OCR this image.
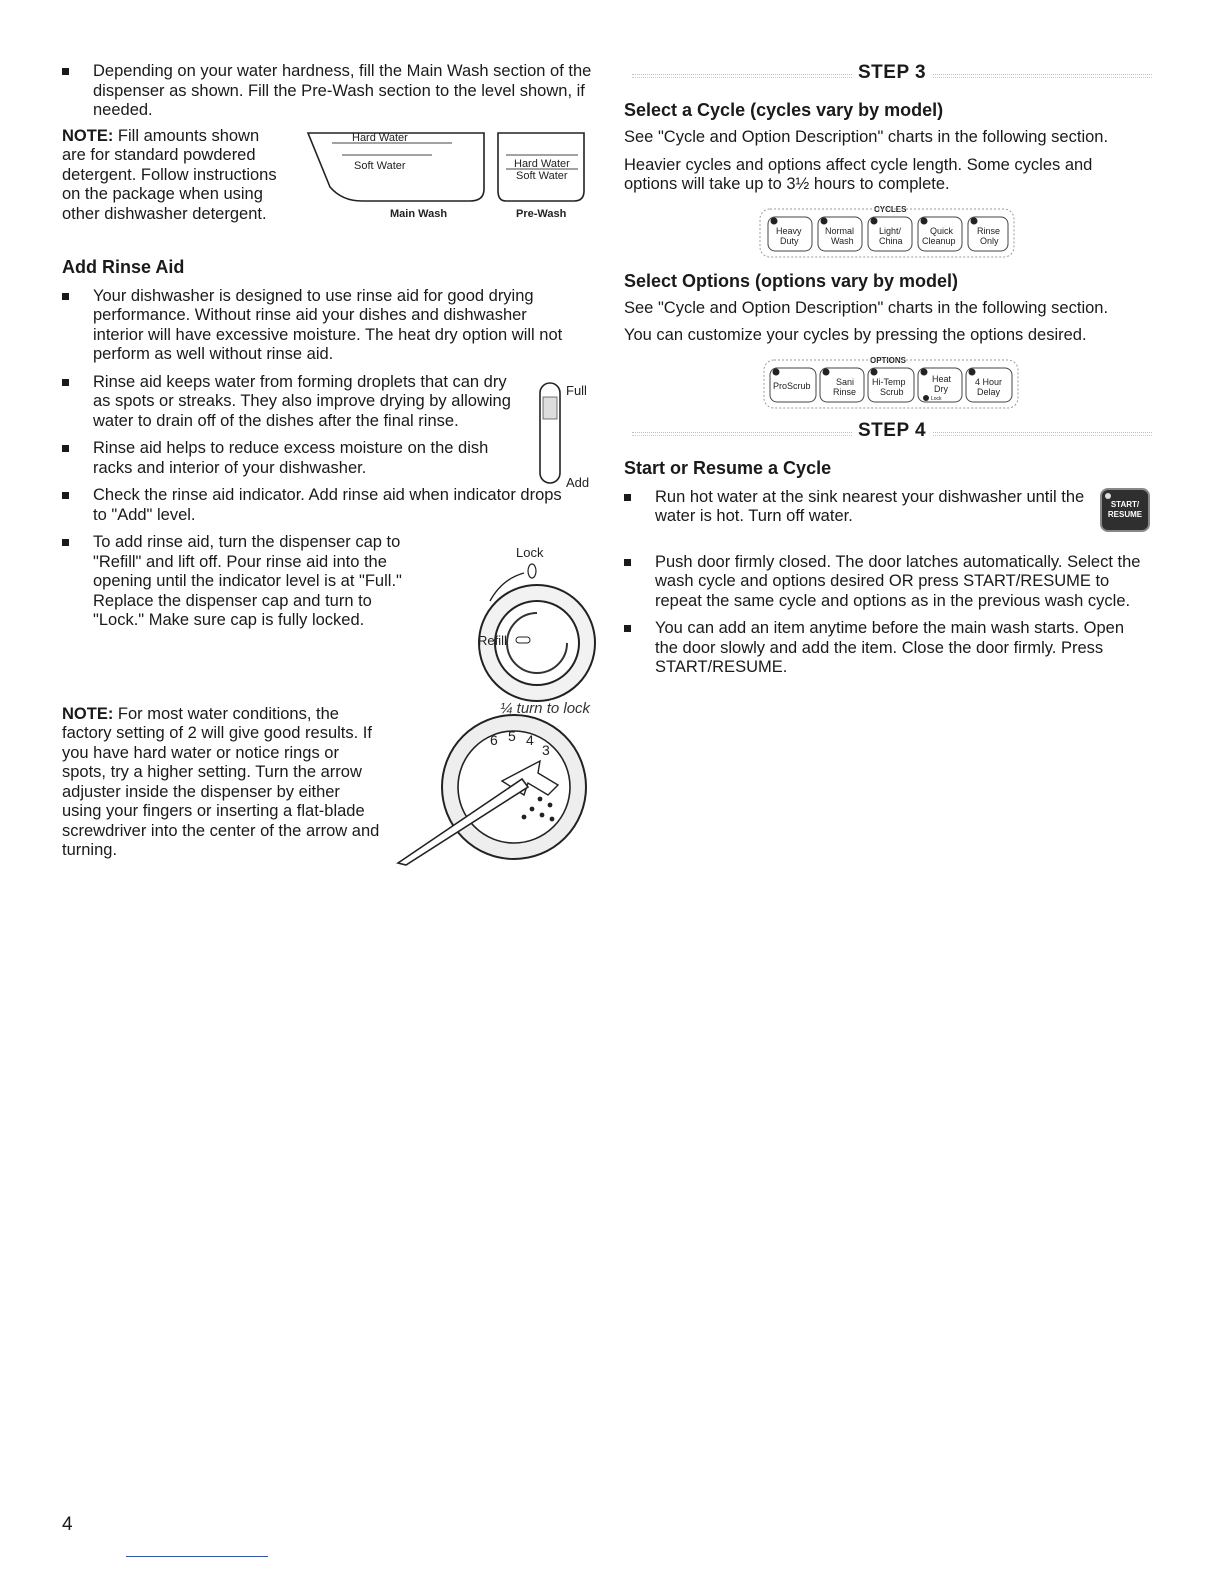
Depending on your water hardness, fill the Main Wash section of the dispenser as shown. Fill the Pre-Wash section to the level shown, if needed.

NOTE: Fill amounts shown are for standard powdered detergent. Follow instructions on the package when using other dishwasher detergent.

Hard Water
Soft Water	Hard Water
Soft Water
Main Wash	Pre-Wash
Add Rinse Aid
Your dishwasher is designed to use rinse aid for good drying performance. Without rinse aid your dishes and dishwasher interior will have excessive moisture. The heat dry option will not perform as well without rinse aid.
Rinse aid keeps water from forming droplets that can dry as spots or streaks. They also improve drying by allowing water to drain off of the dishes after the final rinse.
Rinse aid helps to reduce excess moisture on the dish racks and interior of your dishwasher.
Check the rinse aid indicator. Add rinse aid when indicator drops to "Add" level.
To add rinse aid, turn the dispenser cap to "Refill" and lift off. Pour rinse aid into the opening until the indicator level is at "Full." Replace the dispenser cap and turn to "Lock." Make sure cap is fully locked.
Full
Add
Lock
Refill
¼ turn to lock

NOTE: For most water conditions, the factory setting of 2 will give good results. If you have hard water or notice rings or spots, try a higher setting. Turn the arrow adjuster inside the dispenser by either using your fingers or inserting a flat-blade screwdriver into the center of the arrow and turning.

6 5 4
3
STEP 3
Select a Cycle (cycles vary by model)

See "Cycle and Option Description" charts in the following section.

Heavier cycles and options affect cycle length. Some cycles and options will take up to 3½ hours to complete.

CYCLES
Heavy
Duty
Normal
Wash
Light/
China
Quick
Cleanup
Rinse
Only
Select Options (options vary by model)

See "Cycle and Option Description" charts in the following section.

You can customize your cycles by pressing the options desired.

OPTIONS
ProScrub	Sani
Rinse
Hi-Temp
Scrub
Heat
Dry
Lock
4 Hour
Delay
STEP 4
Start or Resume a Cycle
Run hot water at the sink nearest your dishwasher until the water is hot. Turn off water.
Push door firmly closed. The door latches automatically. Select the wash cycle and options desired OR press START/RESUME to repeat the same cycle and options as in the previous wash cycle.
You can add an item anytime before the main wash starts. Open the door slowly and add the item. Close the door firmly. Press START/RESUME.
START/
RESUME
4
